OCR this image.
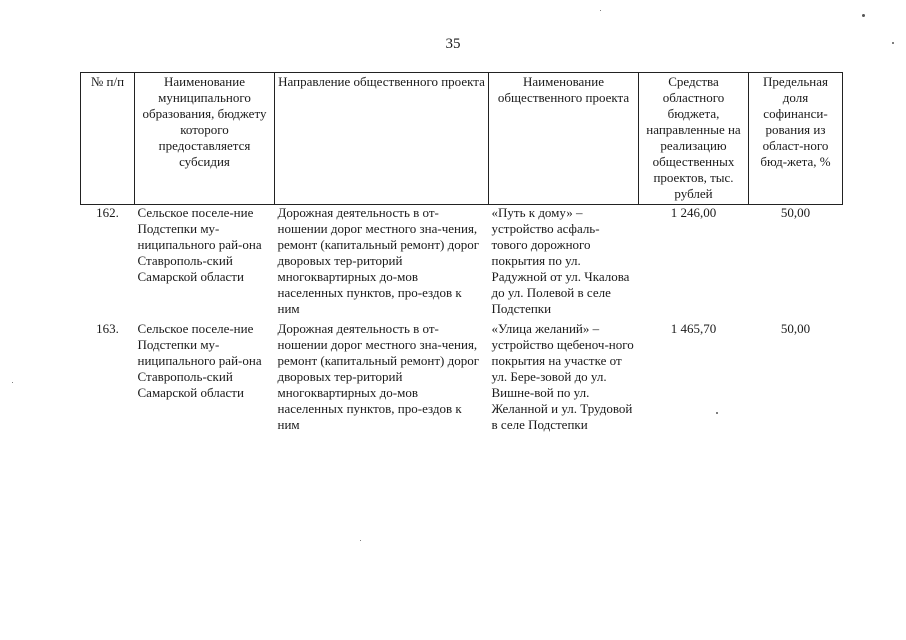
35
№ п/п	Наименование муниципального образования, бюджету которого предоставляется субсидия	Направление общественного проекта	Наименование общественного проекта	Средства областного бюджета, направленные на реализацию общественных проектов, тыс. рублей	Предельная доля софинанси-рования из област-ного бюд-жета, %
162.	Сельское поселе-ние Подстепки му-ниципального рай-она Ставрополь-ский Самарской области	Дорожная деятельность в от-ношении дорог местного зна-чения, ремонт (капитальный ремонт) дорог дворовых тер-риторий многоквартирных до-мов населенных пунктов, про-ездов к ним	«Путь к дому» – устройство асфаль-тового дорожного покрытия по ул. Радужной от ул. Чкалова до ул. Полевой в селе Подстепки	1 246,00	50,00
163.	Сельское поселе-ние Подстепки му-ниципального рай-она Ставрополь-ский Самарской области	Дорожная деятельность в от-ношении дорог местного зна-чения, ремонт (капитальный ремонт) дорог дворовых тер-риторий многоквартирных до-мов населенных пунктов, про-ездов к ним	«Улица желаний» – устройство щебеноч-ного покрытия на участке от ул. Бере-зовой до ул. Вишне-вой по ул. Желанной и ул. Трудовой в селе Подстепки	1 465,70	50,00
